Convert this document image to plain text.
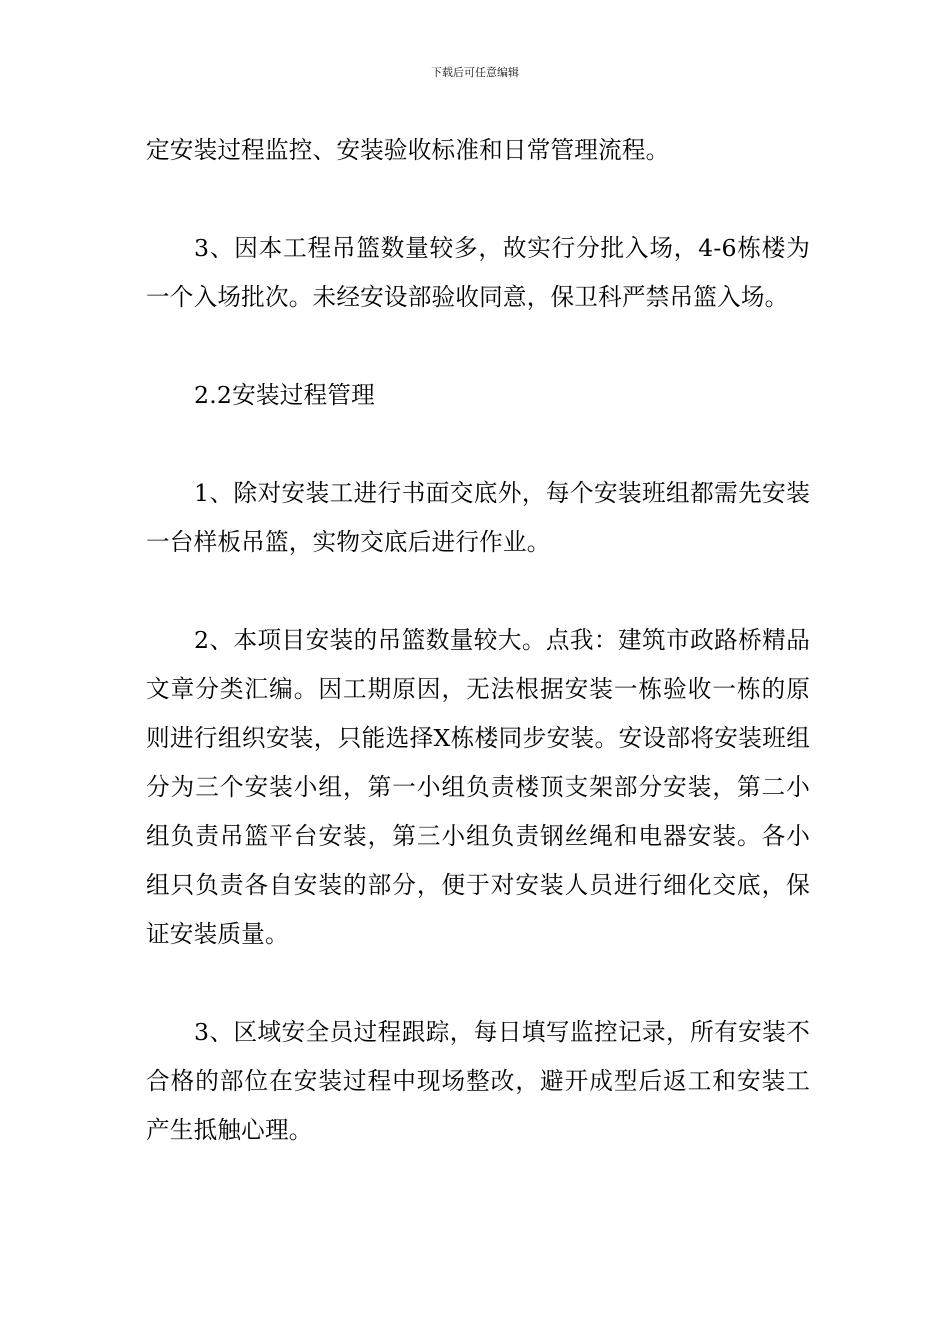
下载后可任意编辑

定安装过程监控、安装验收标准和日常管理流程。

3、因本工程吊篮数量较多，故实行分批入场，4-6栋楼为一个入场批次。未经安设部验收同意，保卫科严禁吊篮入场。

2.2安装过程管理

1、除对安装工进行书面交底外，每个安装班组都需先安装一台样板吊篮，实物交底后进行作业。

2、本项目安装的吊篮数量较大。点我：建筑市政路桥精品文章分类汇编。因工期原因，无法根据安装一栋验收一栋的原则进行组织安装，只能选择X栋楼同步安装。安设部将安装班组分为三个安装小组，第一小组负责楼顶支架部分安装，第二小组负责吊篮平台安装，第三小组负责钢丝绳和电器安装。各小组只负责各自安装的部分，便于对安装人员进行细化交底，保证安装质量。

3、区域安全员过程跟踪，每日填写监控记录，所有安装不合格的部位在安装过程中现场整改，避开成型后返工和安装工产生抵触心理。
